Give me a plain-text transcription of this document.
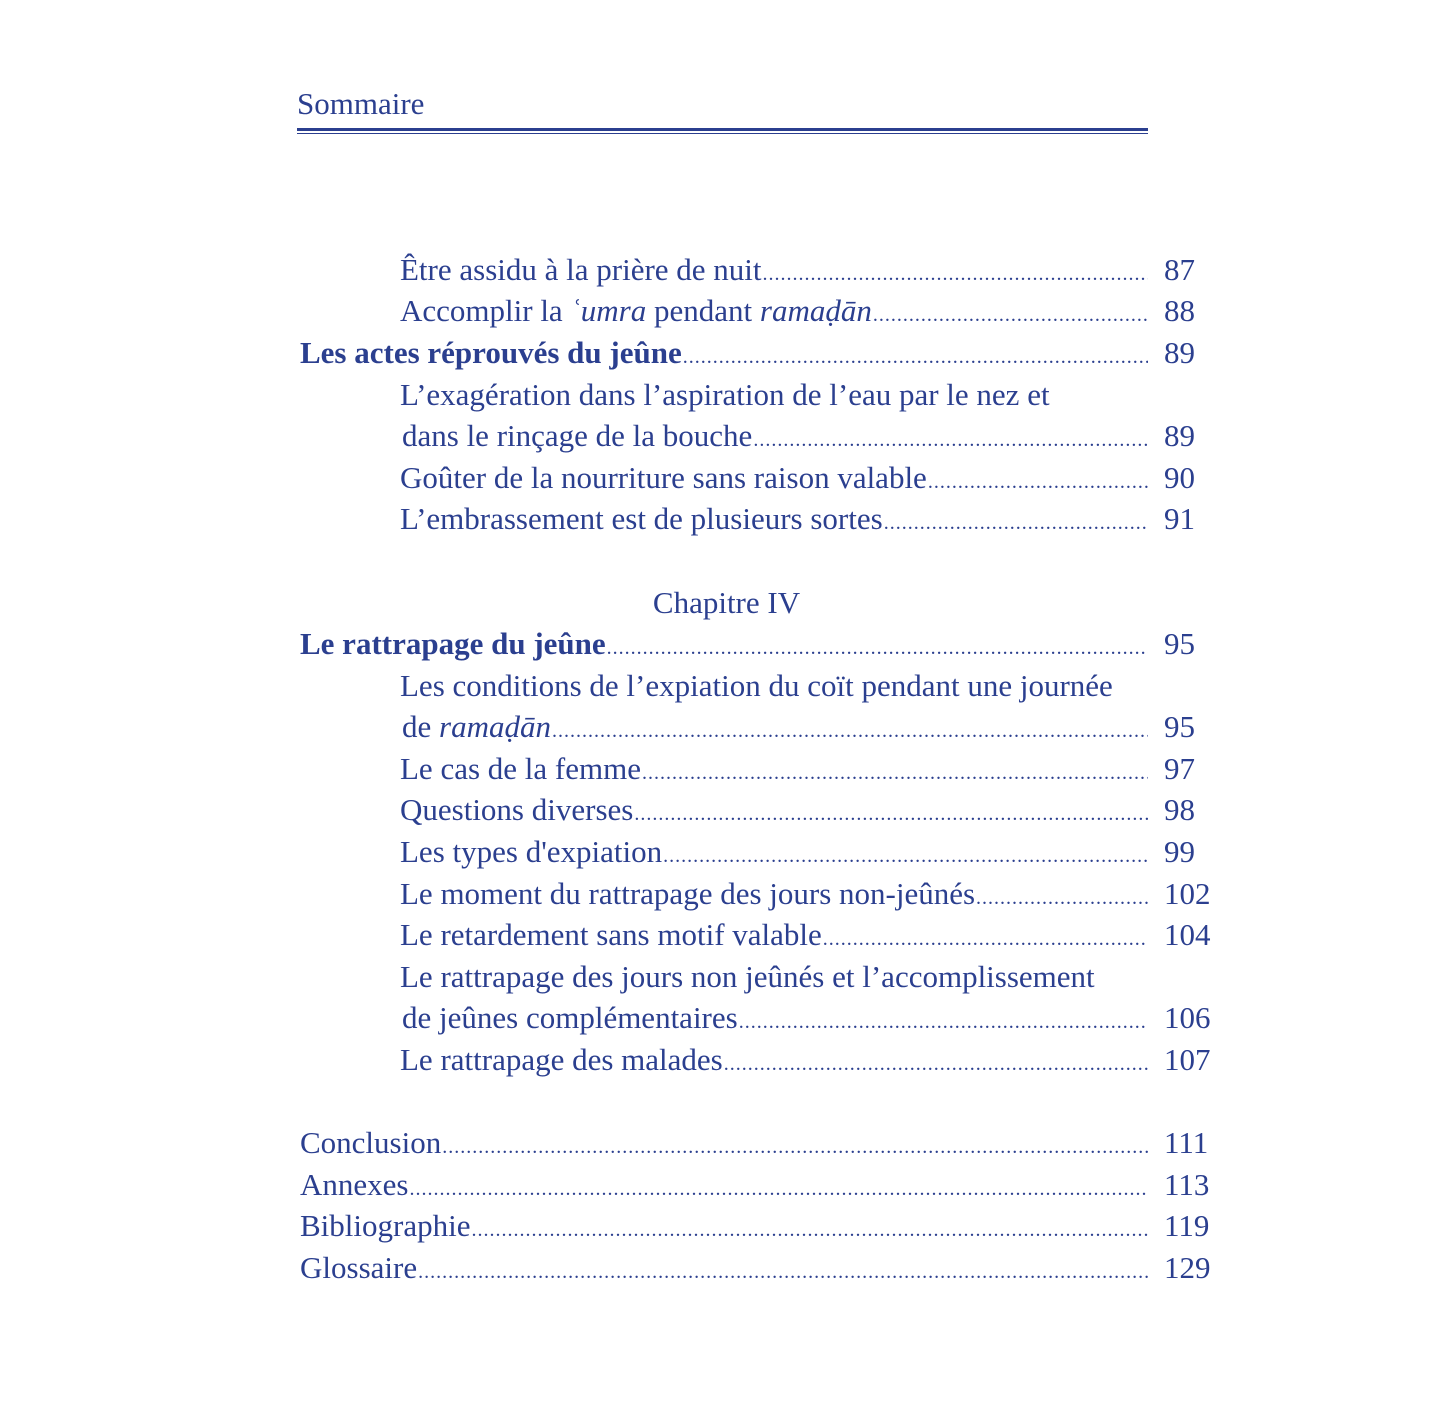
Sommaire
Être assidu à la prière de nuit .....	87
Accomplir la ʿumra pendant ramaḍān .....	88
Les actes réprouvés du jeûne .....	89
L’exagération dans l’aspiration de l’eau par le nez et
dans le rinçage de la bouche .....	89
Goûter de la nourriture sans raison valable .....	90
L’embrassement est de plusieurs sortes .....	91
Chapitre IV
Le rattrapage du jeûne .....	95
Les conditions de l’expiation du coït pendant une journée
de ramaḍān .....	95
Le cas de la femme .....	97
Questions diverses .....	98
Les types d'expiation .....	99
Le moment du rattrapage des jours non-jeûnés .....	102
Le retardement sans motif valable .....	104
Le rattrapage des jours non jeûnés et l’accomplissement
de jeûnes complémentaires .....	106
Le rattrapage des malades .....	107
Conclusion .....	111
Annexes .....	113
Bibliographie .....	119
Glossaire .....	129
